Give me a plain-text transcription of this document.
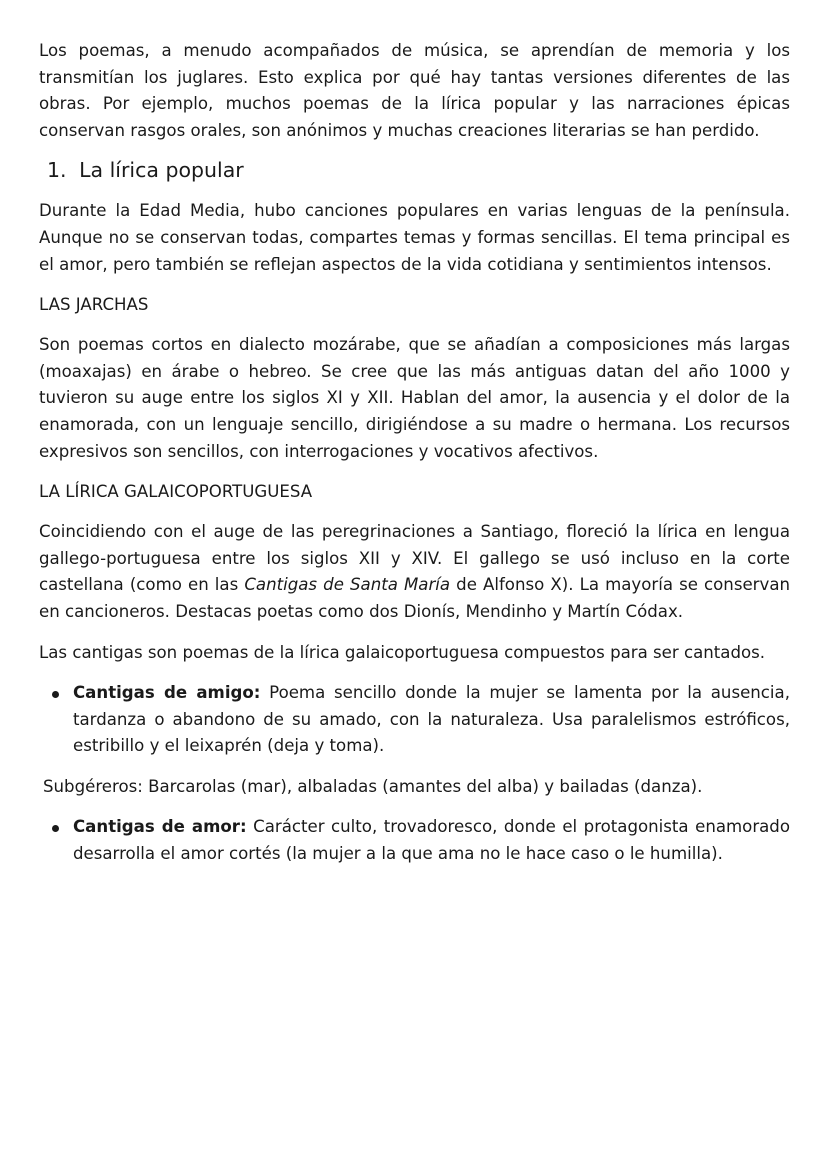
Los poemas, a menudo acompañados de música, se aprendían de memoria y los transmitían los juglares. Esto explica por qué hay tantas versiones diferentes de las obras. Por ejemplo, muchos poemas de la lírica popular y las narraciones épicas conservan rasgos orales, son anónimos y muchas creaciones literarias se han perdido.

1. La lírica popular

Durante la Edad Media, hubo canciones populares en varias lenguas de la península. Aunque no se conservan todas, compartes temas y formas sencillas. El tema principal es el amor, pero también se reflejan aspectos de la vida cotidiana y sentimientos intensos.

LAS JARCHAS

Son poemas cortos en dialecto mozárabe, que se añadían a composiciones más largas (moaxajas) en árabe o hebreo. Se cree que las más antiguas datan del año 1000 y tuvieron su auge entre los siglos XI y XII. Hablan del amor, la ausencia y el dolor de la enamorada, con un lenguaje sencillo, dirigiéndose a su madre o hermana. Los recursos expresivos son sencillos, con interrogaciones y vocativos afectivos.

LA LÍRICA GALAICOPORTUGUESA

Coincidiendo con el auge de las peregrinaciones a Santiago, floreció la lírica en lengua gallego-portuguesa entre los siglos XII y XIV. El gallego se usó incluso en la corte castellana (como en las Cantigas de Santa María de Alfonso X). La mayoría se conservan en cancioneros. Destacas poetas como dos Dionís, Mendinho y Martín Códax.

Las cantigas son poemas de la lírica galaicoportuguesa compuestos para ser cantados.

Cantigas de amigo: Poema sencillo donde la mujer se lamenta por la ausencia, tardanza o abandono de su amado, con la naturaleza. Usa paralelismos estróficos, estribillo y el leixaprén (deja y toma).

Subgéreros: Barcarolas (mar), albaladas (amantes del alba) y bailadas (danza).

Cantigas de amor: Carácter culto, trovadoresco, donde el protagonista enamorado desarrolla el amor cortés (la mujer a la que ama no le hace caso o le humilla).
